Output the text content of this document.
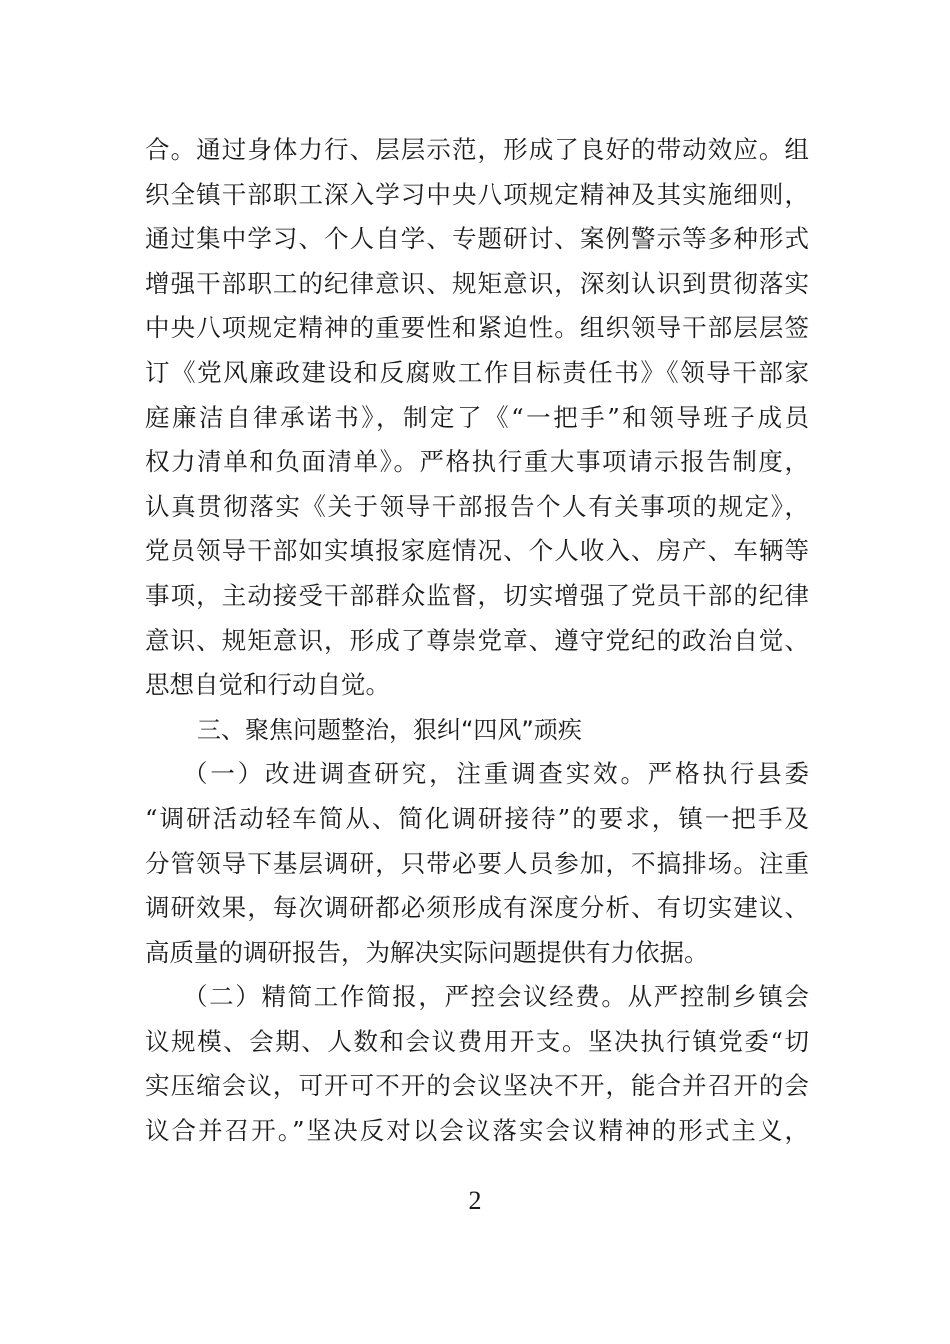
合。通过身体力行、层层示范，形成了良好的带动效应。组
织全镇干部职工深入学习中央八项规定精神及其实施细则，
通过集中学习、个人自学、专题研讨、案例警示等多种形式
增强干部职工的纪律意识、规矩意识，深刻认识到贯彻落实
中央八项规定精神的重要性和紧迫性。组织领导干部层层签
订《党风廉政建设和反腐败工作目标责任书》《领导干部家
庭廉洁自律承诺书》，制定了《“一把手”和领导班子成员
权力清单和负面清单》。严格执行重大事项请示报告制度，
认真贯彻落实《关于领导干部报告个人有关事项的规定》，
党员领导干部如实填报家庭情况、个人收入、房产、车辆等
事项，主动接受干部群众监督，切实增强了党员干部的纪律
意识、规矩意识，形成了尊崇党章、遵守党纪的政治自觉、
思想自觉和行动自觉。
三、聚焦问题整治，狠纠“四风”顽疾
（一）改进调查研究，注重调查实效。严格执行县委
“调研活动轻车简从、简化调研接待”的要求，镇一把手及
分管领导下基层调研，只带必要人员参加，不搞排场。注重
调研效果，每次调研都必须形成有深度分析、有切实建议、
高质量的调研报告，为解决实际问题提供有力依据。
（二）精简工作简报，严控会议经费。从严控制乡镇会
议规模、会期、人数和会议费用开支。坚决执行镇党委“切
实压缩会议，可开可不开的会议坚决不开，能合并召开的会
议合并召开。”坚决反对以会议落实会议精神的形式主义，
2
